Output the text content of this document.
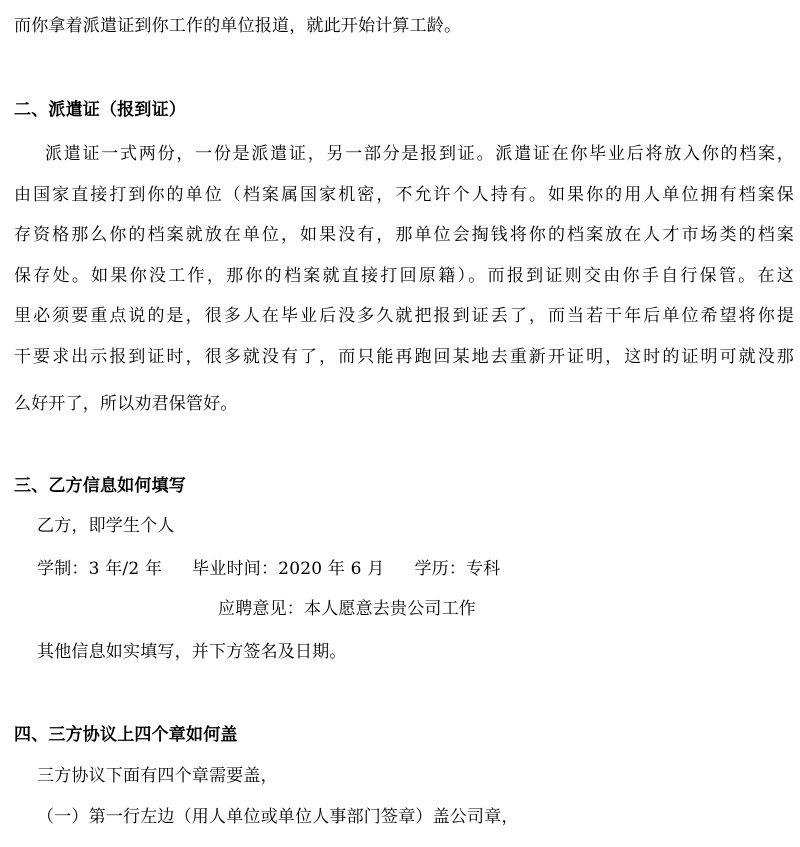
而你拿着派遣证到你工作的单位报道，就此开始计算工龄。
二、派遣证（报到证）
派遣证一式两份，一份是派遣证，另一部分是报到证。派遣证在你毕业后将放入你的档案，
由国家直接打到你的单位（档案属国家机密，不允许个人持有。如果你的用人单位拥有档案保
存资格那么你的档案就放在单位，如果没有，那单位会掏钱将你的档案放在人才市场类的档案
保存处。如果你没工作，那你的档案就直接打回原籍）。而报到证则交由你手自行保管。在这
里必须要重点说的是，很多人在毕业后没多久就把报到证丢了，而当若干年后单位希望将你提
干要求出示报到证时，很多就没有了，而只能再跑回某地去重新开证明，这时的证明可就没那
么好开了，所以劝君保管好。
三、乙方信息如何填写
乙方，即学生个人
学制：3 年/2 年 毕业时间：2020 年 6 月 学历：专科
应聘意见：本人愿意去贵公司工作
其他信息如实填写，并下方签名及日期。
四、三方协议上四个章如何盖
三方协议下面有四个章需要盖，
（一）第一行左边（用人单位或单位人事部门签章）盖公司章，
